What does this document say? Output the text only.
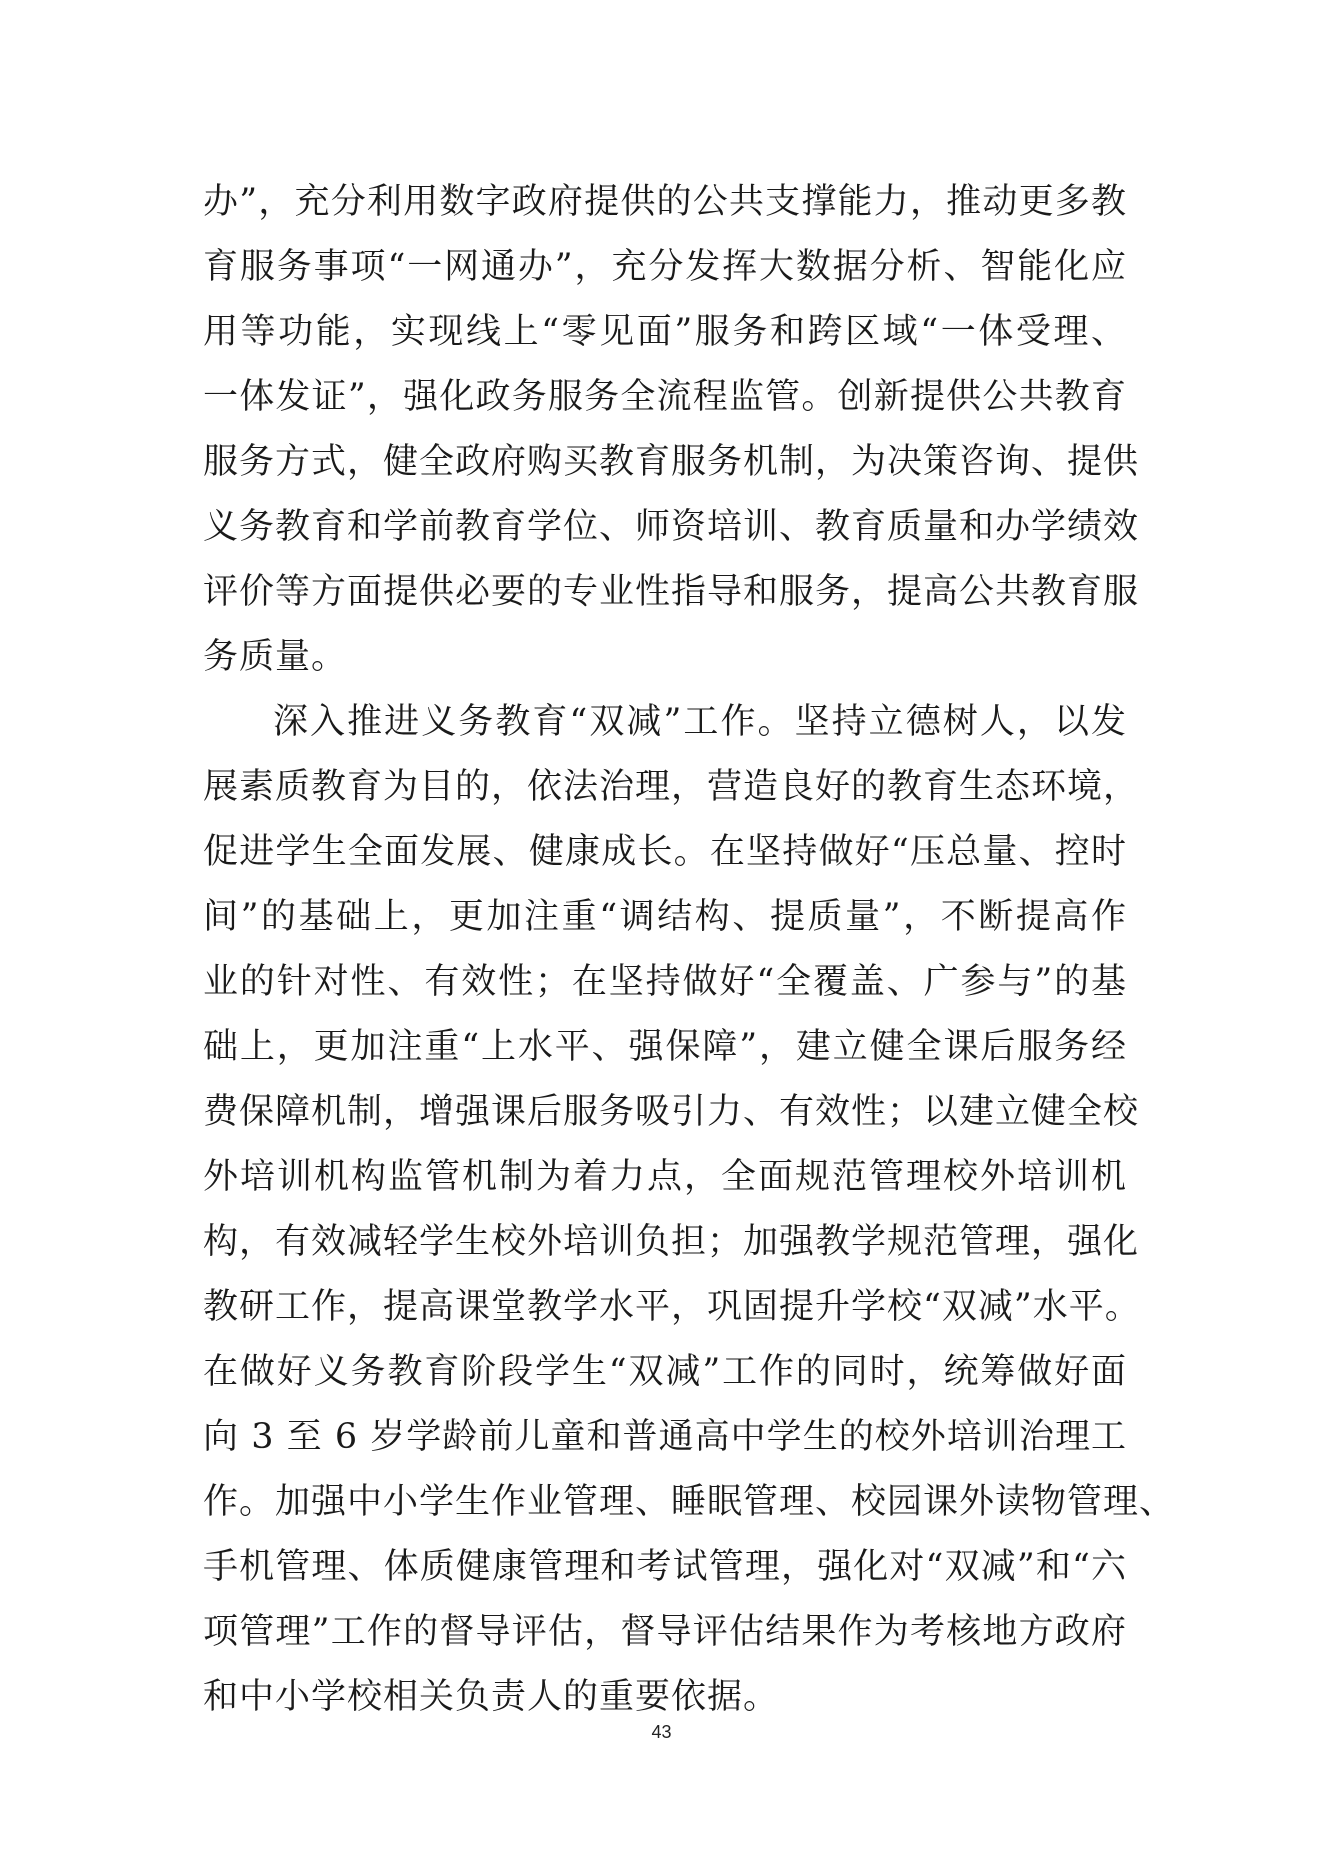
办”，充分利用数字政府提供的公共支撑能力，推动更多教
育服务事项“一网通办”，充分发挥大数据分析、智能化应
用等功能，实现线上“零见面”服务和跨区域“一体受理、
一体发证”，强化政务服务全流程监管。创新提供公共教育
服务方式，健全政府购买教育服务机制，为决策咨询、提供
义务教育和学前教育学位、师资培训、教育质量和办学绩效
评价等方面提供必要的专业性指导和服务，提高公共教育服
务质量。
深入推进义务教育“双减”工作。坚持立德树人，以发
展素质教育为目的，依法治理，营造良好的教育生态环境，
促进学生全面发展、健康成长。在坚持做好“压总量、控时
间”的基础上，更加注重“调结构、提质量”，不断提高作
业的针对性、有效性；在坚持做好“全覆盖、广参与”的基
础上，更加注重“上水平、强保障”，建立健全课后服务经
费保障机制，增强课后服务吸引力、有效性；以建立健全校
外培训机构监管机制为着力点，全面规范管理校外培训机
构，有效减轻学生校外培训负担；加强教学规范管理，强化
教研工作，提高课堂教学水平，巩固提升学校“双减”水平。
在做好义务教育阶段学生“双减”工作的同时，统筹做好面
向 3 至 6 岁学龄前儿童和普通高中学生的校外培训治理工
作。加强中小学生作业管理、睡眠管理、校园课外读物管理、
手机管理、体质健康管理和考试管理，强化对“双减”和“六
项管理”工作的督导评估，督导评估结果作为考核地方政府
和中小学校相关负责人的重要依据。
43
